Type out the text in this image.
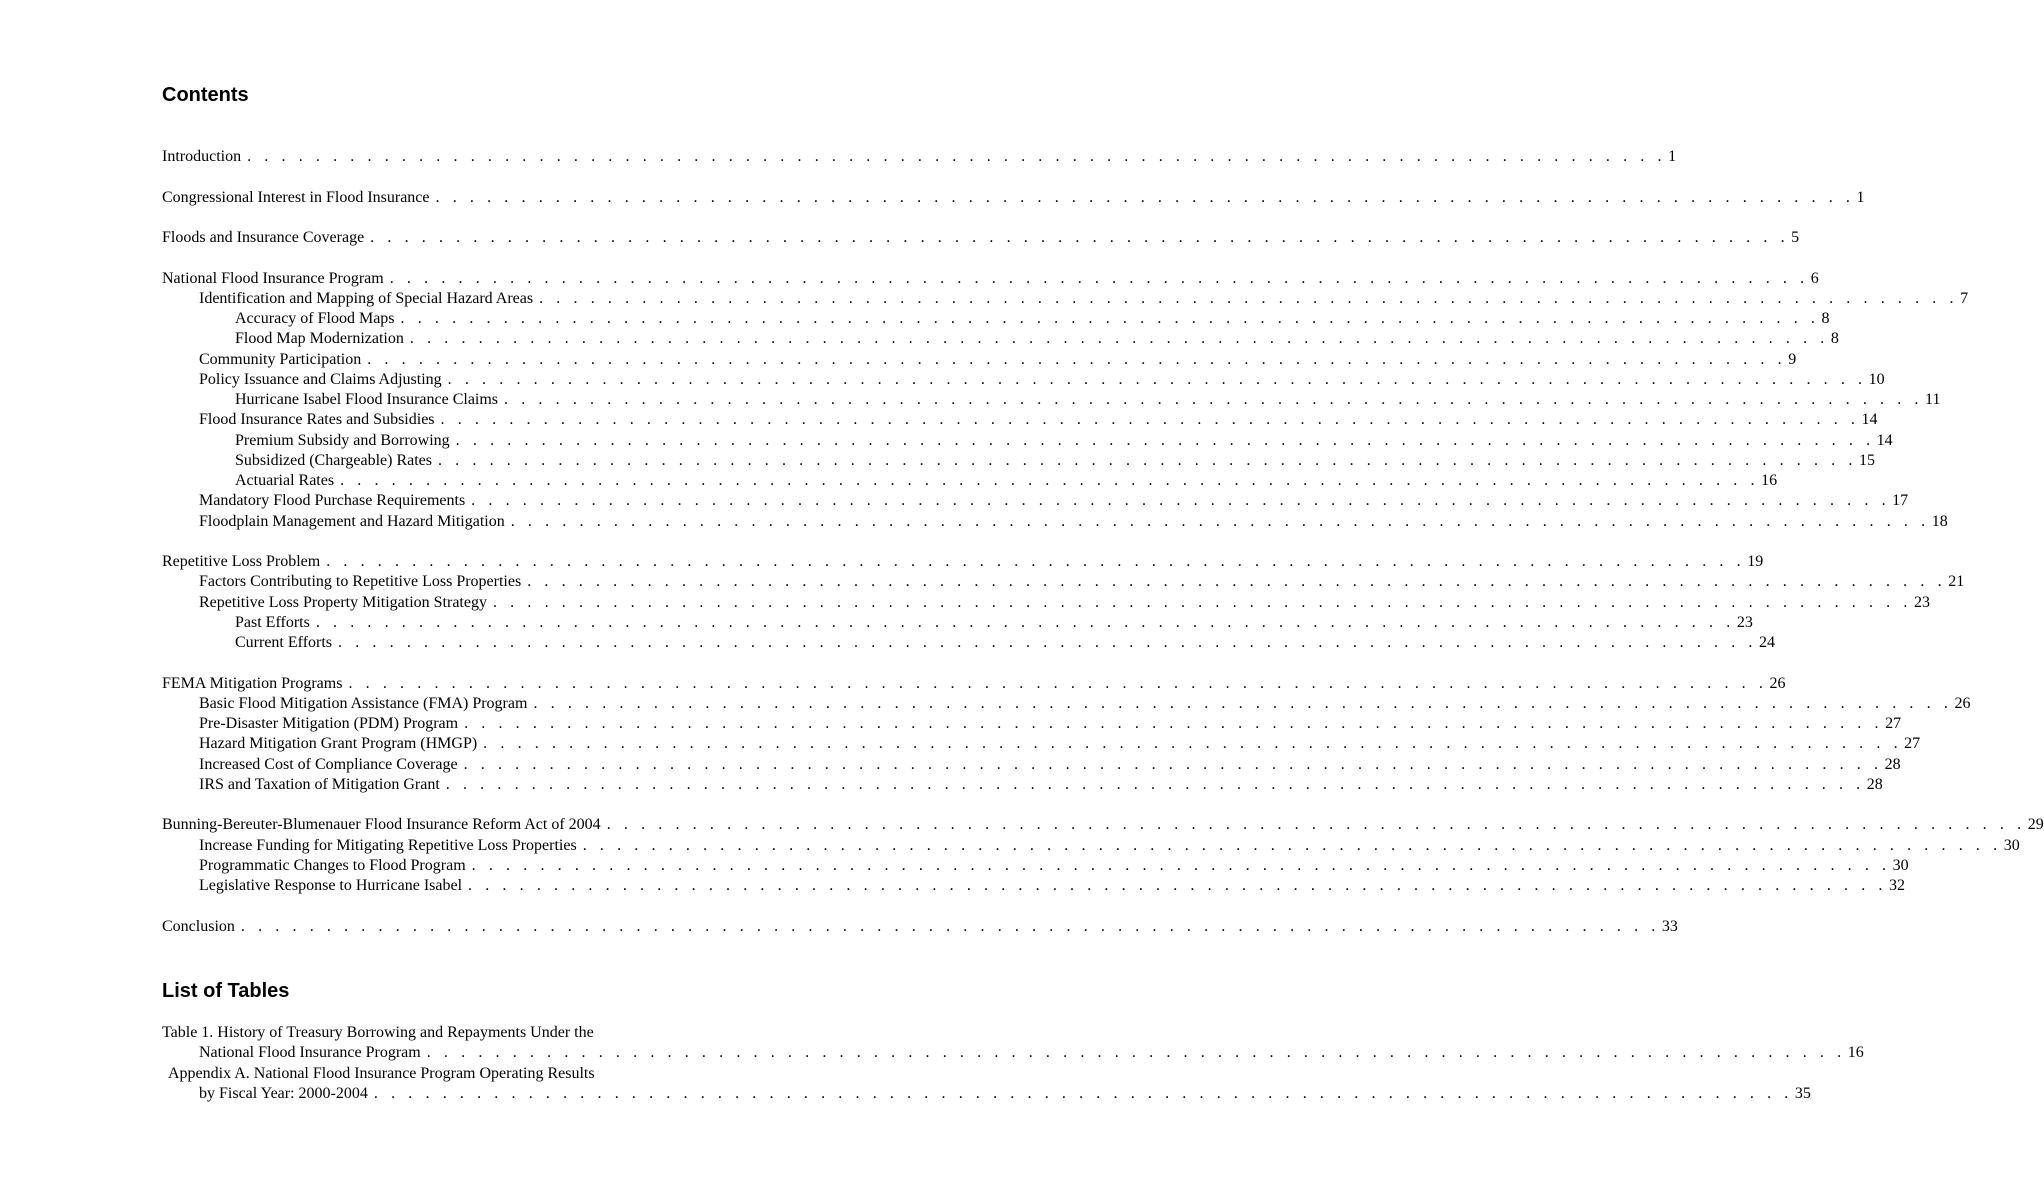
Contents
Introduction . . . . . . . . . . . . . . . . . . . . . . . . . . . . . . . . . . . . . . . . . . . . . . . . . . . . . . . . . . . . . . . . . . . . . . . . . . . . . . . . . . . 1
Congressional Interest in Flood Insurance . . . . . . . . . . . . . . . . . . . . . . . . . . . . . . . . . . . . . . . . . . . . . . . . . . . . . . . . . . . . . . . . . . . . . . . . . . . . . . . . . . . 1
Floods and Insurance Coverage . . . . . . . . . . . . . . . . . . . . . . . . . . . . . . . . . . . . . . . . . . . . . . . . . . . . . . . . . . . . . . . . . . . . . . . . . . . . . . . . . . . 5
National Flood Insurance Program . . . . . . . . . . . . . . . . . . . . . . . . . . . . . . . . . . . . . . . . . . . . . . . . . . . . . . . . . . . . . . . . . . . . . . . . . . . . . . . . . . . 6
Identification and Mapping of Special Hazard Areas . . . . . . . . . . . . . . . . . . . . . . . . . . . . . . . . . . . . . . . . . . . . . . . . . . . . . . . . . . . . . . . . . . . . . . . . . . . . . . . . . . . 7
Accuracy of Flood Maps . . . . . . . . . . . . . . . . . . . . . . . . . . . . . . . . . . . . . . . . . . . . . . . . . . . . . . . . . . . . . . . . . . . . . . . . . . . . . . . . . . . 8
Flood Map Modernization . . . . . . . . . . . . . . . . . . . . . . . . . . . . . . . . . . . . . . . . . . . . . . . . . . . . . . . . . . . . . . . . . . . . . . . . . . . . . . . . . . . 8
Community Participation . . . . . . . . . . . . . . . . . . . . . . . . . . . . . . . . . . . . . . . . . . . . . . . . . . . . . . . . . . . . . . . . . . . . . . . . . . . . . . . . . . . 9
Policy Issuance and Claims Adjusting . . . . . . . . . . . . . . . . . . . . . . . . . . . . . . . . . . . . . . . . . . . . . . . . . . . . . . . . . . . . . . . . . . . . . . . . . . . . . . . . . . . 10
Hurricane Isabel Flood Insurance Claims . . . . . . . . . . . . . . . . . . . . . . . . . . . . . . . . . . . . . . . . . . . . . . . . . . . . . . . . . . . . . . . . . . . . . . . . . . . . . . . . . . . 11
Flood Insurance Rates and Subsidies . . . . . . . . . . . . . . . . . . . . . . . . . . . . . . . . . . . . . . . . . . . . . . . . . . . . . . . . . . . . . . . . . . . . . . . . . . . . . . . . . . . 14
Premium Subsidy and Borrowing . . . . . . . . . . . . . . . . . . . . . . . . . . . . . . . . . . . . . . . . . . . . . . . . . . . . . . . . . . . . . . . . . . . . . . . . . . . . . . . . . . . 14
Subsidized (Chargeable) Rates . . . . . . . . . . . . . . . . . . . . . . . . . . . . . . . . . . . . . . . . . . . . . . . . . . . . . . . . . . . . . . . . . . . . . . . . . . . . . . . . . . . 15
Actuarial Rates . . . . . . . . . . . . . . . . . . . . . . . . . . . . . . . . . . . . . . . . . . . . . . . . . . . . . . . . . . . . . . . . . . . . . . . . . . . . . . . . . . . 16
Mandatory Flood Purchase Requirements . . . . . . . . . . . . . . . . . . . . . . . . . . . . . . . . . . . . . . . . . . . . . . . . . . . . . . . . . . . . . . . . . . . . . . . . . . . . . . . . . . . 17
Floodplain Management and Hazard Mitigation . . . . . . . . . . . . . . . . . . . . . . . . . . . . . . . . . . . . . . . . . . . . . . . . . . . . . . . . . . . . . . . . . . . . . . . . . . . . . . . . . . . 18
Repetitive Loss Problem . . . . . . . . . . . . . . . . . . . . . . . . . . . . . . . . . . . . . . . . . . . . . . . . . . . . . . . . . . . . . . . . . . . . . . . . . . . . . . . . . . . 19
Factors Contributing to Repetitive Loss Properties . . . . . . . . . . . . . . . . . . . . . . . . . . . . . . . . . . . . . . . . . . . . . . . . . . . . . . . . . . . . . . . . . . . . . . . . . . . . . . . . . . . 21
Repetitive Loss Property Mitigation Strategy . . . . . . . . . . . . . . . . . . . . . . . . . . . . . . . . . . . . . . . . . . . . . . . . . . . . . . . . . . . . . . . . . . . . . . . . . . . . . . . . . . . 23
Past Efforts . . . . . . . . . . . . . . . . . . . . . . . . . . . . . . . . . . . . . . . . . . . . . . . . . . . . . . . . . . . . . . . . . . . . . . . . . . . . . . . . . . . 23
Current Efforts . . . . . . . . . . . . . . . . . . . . . . . . . . . . . . . . . . . . . . . . . . . . . . . . . . . . . . . . . . . . . . . . . . . . . . . . . . . . . . . . . . . 24
FEMA Mitigation Programs . . . . . . . . . . . . . . . . . . . . . . . . . . . . . . . . . . . . . . . . . . . . . . . . . . . . . . . . . . . . . . . . . . . . . . . . . . . . . . . . . . . 26
Basic Flood Mitigation Assistance (FMA) Program . . . . . . . . . . . . . . . . . . . . . . . . . . . . . . . . . . . . . . . . . . . . . . . . . . . . . . . . . . . . . . . . . . . . . . . . . . . . . . . . . . . 26
Pre-Disaster Mitigation (PDM) Program . . . . . . . . . . . . . . . . . . . . . . . . . . . . . . . . . . . . . . . . . . . . . . . . . . . . . . . . . . . . . . . . . . . . . . . . . . . . . . . . . . . 27
Hazard Mitigation Grant Program (HMGP) . . . . . . . . . . . . . . . . . . . . . . . . . . . . . . . . . . . . . . . . . . . . . . . . . . . . . . . . . . . . . . . . . . . . . . . . . . . . . . . . . . . 27
Increased Cost of Compliance Coverage . . . . . . . . . . . . . . . . . . . . . . . . . . . . . . . . . . . . . . . . . . . . . . . . . . . . . . . . . . . . . . . . . . . . . . . . . . . . . . . . . . . 28
IRS and Taxation of Mitigation Grant . . . . . . . . . . . . . . . . . . . . . . . . . . . . . . . . . . . . . . . . . . . . . . . . . . . . . . . . . . . . . . . . . . . . . . . . . . . . . . . . . . . 28
Bunning-Bereuter-Blumenauer Flood Insurance Reform Act of 2004 . . . . . . . . . . . . . . . . . . . . . . . . . . . . . . . . . . . . . . . . . . . . . . . . . . . . . . . . . . . . . . . . . . . . . . . . . . . . . . . . . . . 29
Increase Funding for Mitigating Repetitive Loss Properties . . . . . . . . . . . . . . . . . . . . . . . . . . . . . . . . . . . . . . . . . . . . . . . . . . . . . . . . . . . . . . . . . . . . . . . . . . . . . . . . . . . 30
Programmatic Changes to Flood Program . . . . . . . . . . . . . . . . . . . . . . . . . . . . . . . . . . . . . . . . . . . . . . . . . . . . . . . . . . . . . . . . . . . . . . . . . . . . . . . . . . . 30
Legislative Response to Hurricane Isabel . . . . . . . . . . . . . . . . . . . . . . . . . . . . . . . . . . . . . . . . . . . . . . . . . . . . . . . . . . . . . . . . . . . . . . . . . . . . . . . . . . . 32
Conclusion . . . . . . . . . . . . . . . . . . . . . . . . . . . . . . . . . . . . . . . . . . . . . . . . . . . . . . . . . . . . . . . . . . . . . . . . . . . . . . . . . . . 33
List of Tables
Table 1. History of Treasury Borrowing and Repayments Under the
National Flood Insurance Program . . . . . . . . . . . . . . . . . . . . . . . . . . . . . . . . . . . . . . . . . . . . . . . . . . . . . . . . . . . . . . . . . . . . . . . . . . . . . . . . . . . 16
Appendix A. National Flood Insurance Program Operating Results
by Fiscal Year: 2000-2004 . . . . . . . . . . . . . . . . . . . . . . . . . . . . . . . . . . . . . . . . . . . . . . . . . . . . . . . . . . . . . . . . . . . . . . . . . . . . . . . . . . . 35
